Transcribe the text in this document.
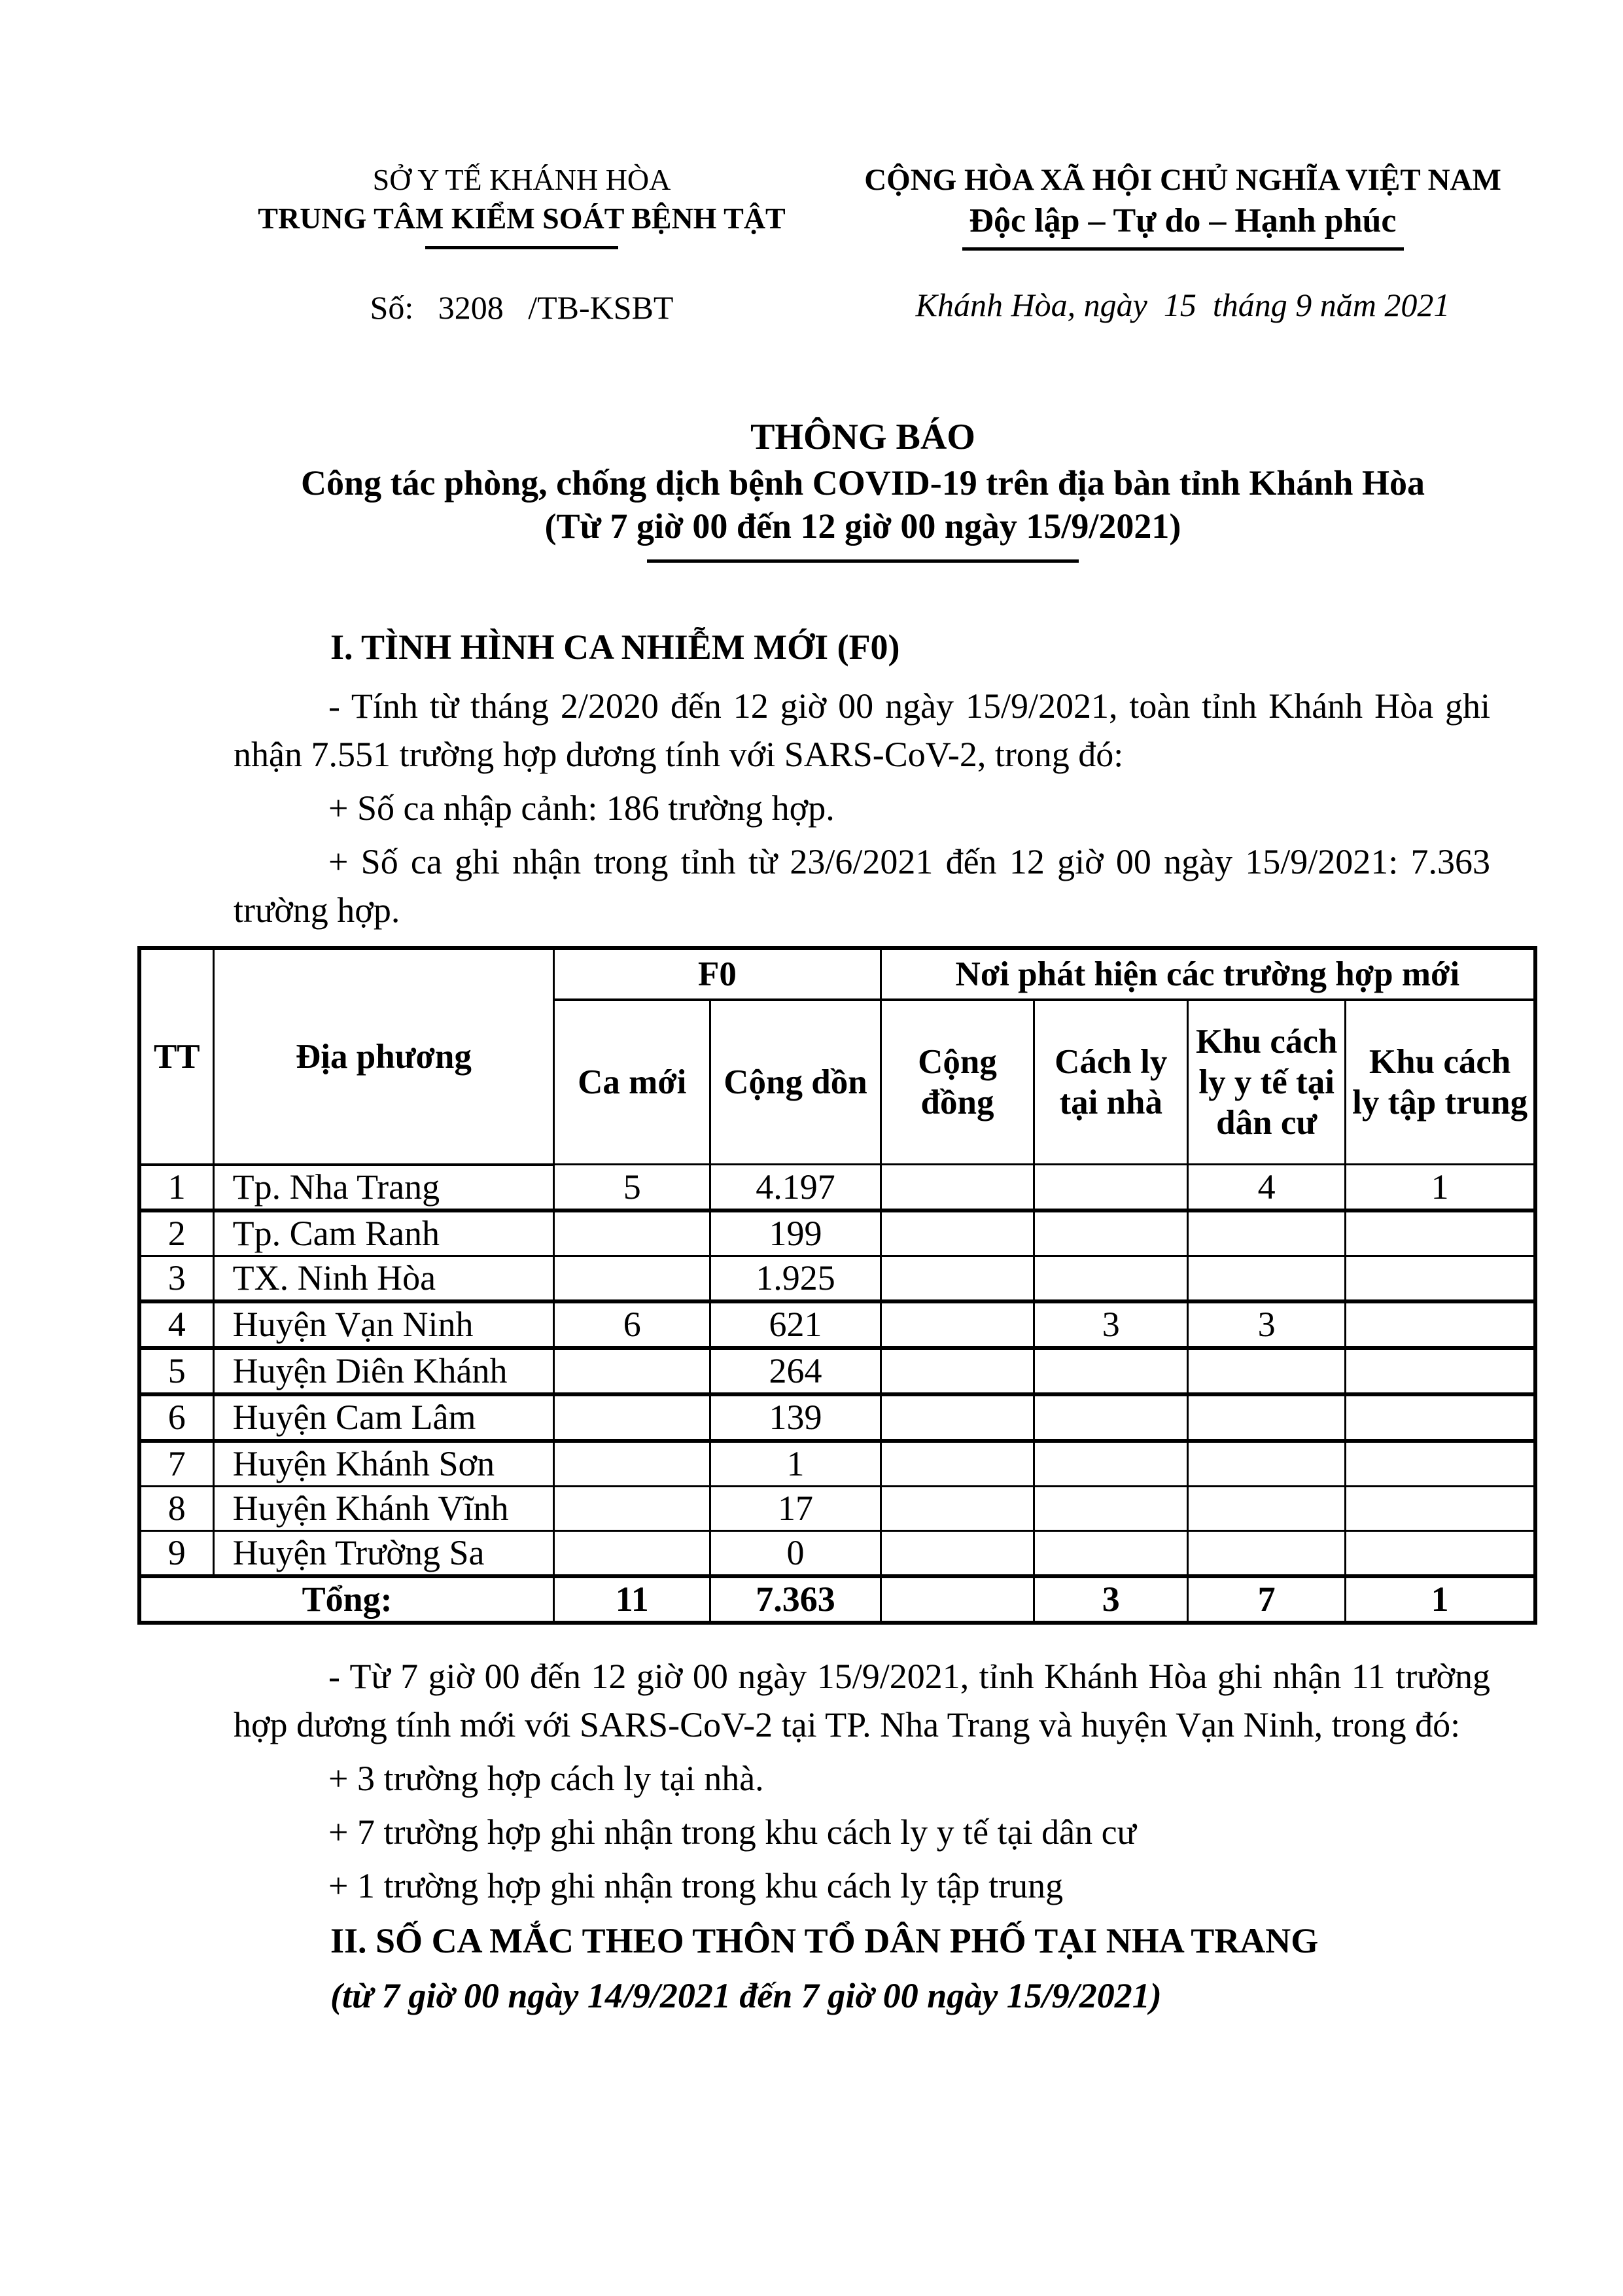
SỞ Y TẾ KHÁNH HÒA
TRUNG TÂM KIỂM SOÁT BỆNH TẬT
Số:   3208   /TB-KSBT
CỘNG HÒA XÃ HỘI CHỦ NGHĨA VIỆT NAM
Độc lập – Tự do – Hạnh phúc
Khánh Hòa, ngày  15  tháng 9 năm 2021
THÔNG BÁO
Công tác phòng, chống dịch bệnh COVID-19 trên địa bàn tỉnh Khánh Hòa
(Từ 7 giờ 00 đến 12 giờ 00 ngày 15/9/2021)

I. TÌNH HÌNH CA NHIỄM MỚI (F0)

- Tính từ tháng 2/2020 đến 12 giờ 00 ngày 15/9/2021, toàn tỉnh Khánh Hòa ghi nhận 7.551 trường hợp dương tính với SARS-CoV-2, trong đó:

+ Số ca nhập cảnh: 186 trường hợp.

+ Số ca ghi nhận trong tỉnh từ 23/6/2021 đến 12 giờ 00 ngày 15/9/2021: 7.363 trường hợp.

TT	Địa phương	F0		Nơi phát hiện các trường hợp mới			
		Ca mới	Cộng dồn	Cộng đồng	Cách ly tại nhà	Khu cách ly y tế tại dân cư	Khu cách ly tập trung
1	Tp. Nha Trang	5	4.197			4	1
2	Tp. Cam Ranh		199				
3	TX. Ninh Hòa		1.925				
4	Huyện Vạn Ninh	6	621		3	3	
5	Huyện Diên Khánh		264				
6	Huyện Cam Lâm		139				
7	Huyện Khánh Sơn		1				
8	Huyện Khánh Vĩnh		17				
9	Huyện Trường Sa		0				
Tổng:		11	7.363		3	7	1

- Từ 7 giờ 00 đến 12 giờ 00 ngày 15/9/2021, tỉnh Khánh Hòa ghi nhận 11 trường hợp dương tính mới với SARS-CoV-2 tại TP. Nha Trang và huyện Vạn Ninh, trong đó:

+ 3 trường hợp cách ly tại nhà.

+ 7 trường hợp ghi nhận trong khu cách ly y tế tại dân cư

+ 1 trường hợp ghi nhận trong khu cách ly tập trung

II. SỐ CA MẮC THEO THÔN TỔ DÂN PHỐ TẠI NHA TRANG

(từ 7 giờ 00 ngày 14/9/2021 đến 7 giờ 00 ngày 15/9/2021)
